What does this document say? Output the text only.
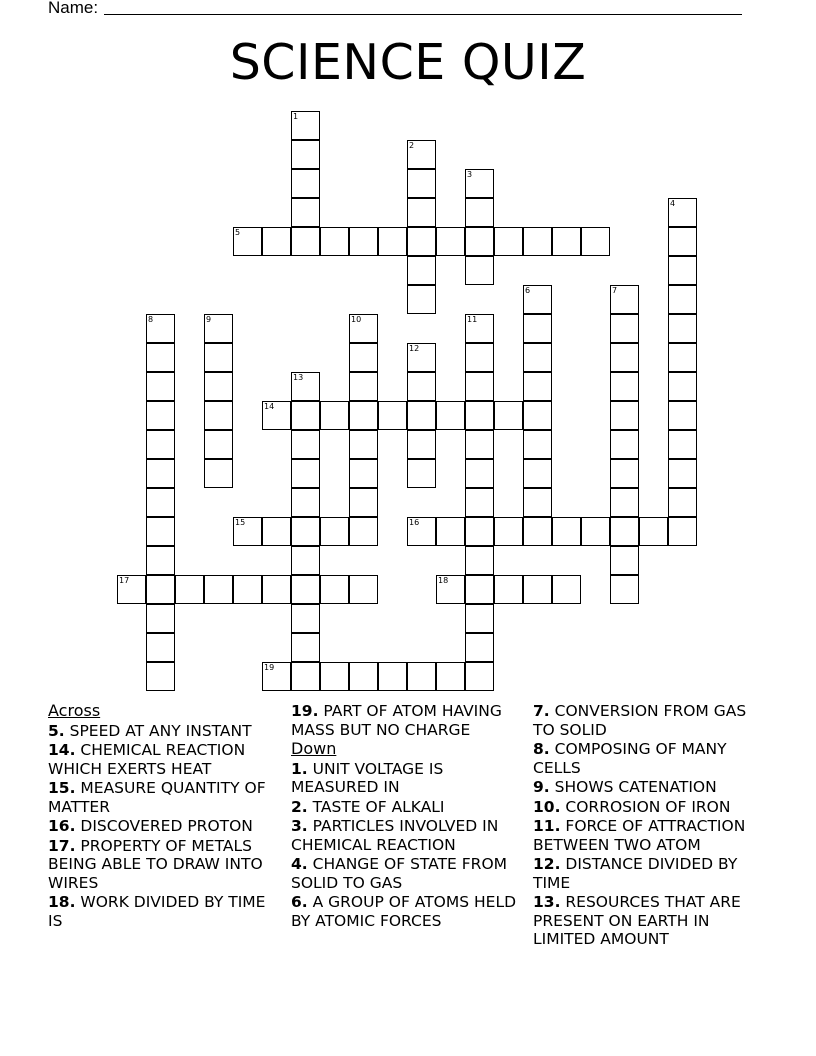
Name:
SCIENCE QUIZ
1
2
3
4
5
6	7
8	9	10	11
12
13
14
15	16
17	18
19
Across
5. SPEED AT ANY INSTANT
14. CHEMICAL REACTION WHICH EXERTS HEAT
15. MEASURE QUANTITY OF MATTER
16. DISCOVERED PROTON
17. PROPERTY OF METALS BEING ABLE TO DRAW INTO WIRES
18. WORK DIVIDED BY TIME IS
19. PART OF ATOM HAVING MASS BUT NO CHARGE
Down
1. UNIT VOLTAGE IS MEASURED IN
2. TASTE OF ALKALI
3. PARTICLES INVOLVED IN CHEMICAL REACTION
4. CHANGE OF STATE FROM SOLID TO GAS
6. A GROUP OF ATOMS HELD BY ATOMIC FORCES
7. CONVERSION FROM GAS TO SOLID
8. COMPOSING OF MANY CELLS
9. SHOWS CATENATION
10. CORROSION OF IRON
11. FORCE OF ATTRACTION BETWEEN TWO ATOM
12. DISTANCE DIVIDED BY TIME
13. RESOURCES THAT ARE PRESENT ON EARTH IN LIMITED AMOUNT
